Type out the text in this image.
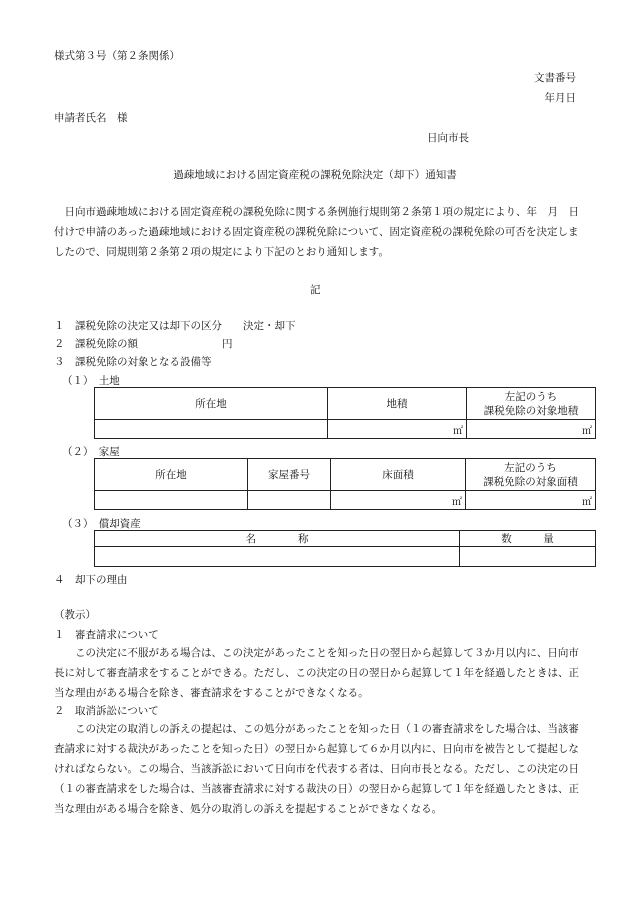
様式第３号（第２条関係）
文書番号
年月日
申請者氏名　様
日向市長
過疎地域における固定資産税の課税免除決定（却下）通知書
　日向市過疎地域における固定資産税の課税免除に関する条例施行規則第２条第１項の規定により、年　月　日付けで申請のあった過疎地域における固定資産税の課税免除について、固定資産税の課税免除の可否を決定しましたので、同規則第２条第２項の規定により下記のとおり通知します。
記
１　課税免除の決定又は却下の区分　　決定・却下
２　課税免除の額　　　　　　　　円
３　課税免除の対象となる設備等
（１）　土地
所在地	地積	左記のうち
課税免除の対象地積

	㎡	㎡
（２）　家屋
所在地	家屋番号	床面積	左記のうち
課税免除の対象面積

		㎡	㎡
（３）　償却資産
名　　　　称	数　　　量

４　却下の理由
（教示）
１　審査請求について
　この決定に不服がある場合は、この決定があったことを知った日の翌日から起算して３か月以内に、日向市長に対して審査請求をすることができる。ただし、この決定の日の翌日から起算して１年を経過したときは、正当な理由がある場合を除き、審査請求をすることができなくなる。
２　取消訴訟について
　この決定の取消しの訴えの提起は、この処分があったことを知った日（１の審査請求をした場合は、当該審査請求に対する裁決があったことを知った日）の翌日から起算して６か月以内に、日向市を被告として提起しなければならない。この場合、当該訴訟において日向市を代表する者は、日向市長となる。ただし、この決定の日（１の審査請求をした場合は、当該審査請求に対する裁決の日）の翌日から起算して１年を経過したときは、正当な理由がある場合を除き、処分の取消しの訴えを提起することができなくなる。
